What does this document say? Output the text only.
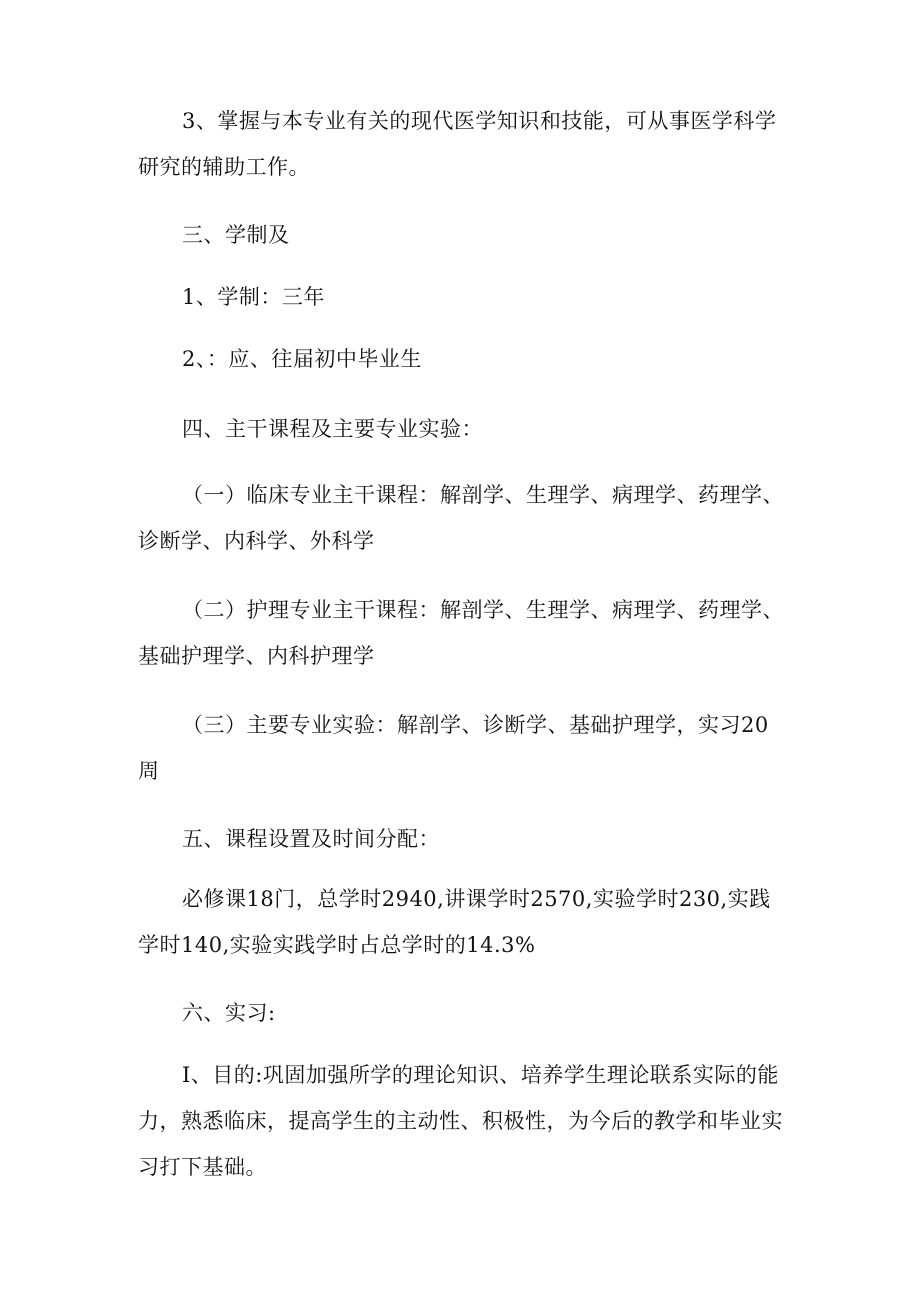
3、掌握与本专业有关的现代医学知识和技能，可从事医学科学研究的辅助工作。

三、学制及

1、学制：三年

2、：应、往届初中毕业生

四、主干课程及主要专业实验：

（一）临床专业主干课程：解剖学、生理学、病理学、药理学、诊断学、内科学、外科学

（二）护理专业主干课程：解剖学、生理学、病理学、药理学、基础护理学、内科护理学

（三）主要专业实验：解剖学、诊断学、基础护理学，实习20周

五、课程设置及时间分配：

必修课18门，总学时2940,讲课学时2570,实验学时230,实践学时140,实验实践学时占总学时的14.3%

六、实习:

I、目的:巩固加强所学的理论知识、培养学生理论联系实际的能力，熟悉临床，提高学生的主动性、积极性，为今后的教学和毕业实习打下基础。
